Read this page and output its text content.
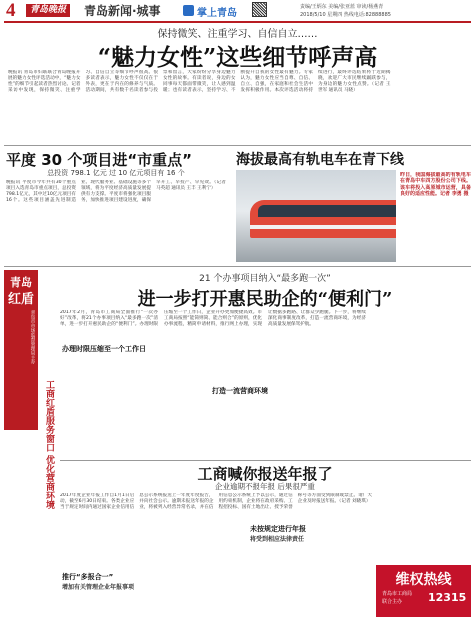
4	青岛晚报	青岛新闻·城事	掌上青岛
责编/王炳东 美编/张亚蓝 审读/杨燕青
2018/5/10 星期四 热线电话:82888885
保持微笑、注重学习、自信自立……
“魅力女性”这些细节呼声高
晚报讯 青岛市妇联联合青岛晚报开展的魅力女性评选活动中，“魅力女性”的细节引起读者热烈讨论。记者采访中发现，保持微笑、注重学习、自信自立等细节呼声很高。很多读者表示，魅力女性不仅仅在于外表，更在于内在的修养与气质。活动期间，共有数千名读者参与投票和留言，大家纷纷分享身边魅力女性的故事。有读者说，身边的女同事每天都面带微笑，让人感到温暖；也有读者表示，坚持学习、不断提升自我的女性最有魅力。专家认为，魅力女性应当自尊、自信、自立、自强，在家庭和社会生活中发挥积极作用。本次评选活动将持续进行，最终评选结果将于近期揭晓，欢迎广大市民继续踊跃参与，为身边的魅力女性点赞。（记者 王世军 通讯员 马晓）
平度 30 个项目进“市重点”
总投资 798.1 亿元 过 10 亿元项目有 16 个
晚报讯 平度市今年共有30个重点项目入选青岛市重点项目，总投资798.1亿元，其中过10亿元项目有16个。这些项目涵盖先进制造业、现代服务业、基础设施等多个领域，将为平度经济高质量发展提供有力支撑。平度市将强化项目服务，加快推进项目建设进度，确保早开工、早投产、早见效。（记者 马英超 通讯员 王丰 王利宁）
海拔最高有轨电车在青下线
昨日，我国海拔最高的有轨电车在青岛中车四方股份公司下线。该车将投入高原城市运营，具备良好的适应性能。记者 李勇 摄
青岛
红盾
青岛市市场监督管理局主办
工商红盾服务窗口 优化营商环境
21 个办事项目纳入“最多跑一次”
进一步打开惠民助企的“便利门”
办理时限压缩至一个工作日
打造一流营商环境
2017年2月，青岛市工商局全面推行“一次办好”改革，将21个办事项目纳入“最多跑一次”清单，进一步打开惠民助企的“便利门”。办理时限压缩至一个工作日，企业开办更加便捷高效。市工商局按照“能简则简、能合则合”的原则，优化办事流程，精简申请材料，推行网上办理，实现让数据多跑路、让群众少跑腿。下一步，将继续深化商事制度改革，打造一流营商环境，为经济高质量发展保驾护航。
工商喊你报送年报了
企业逾期不报年报 后果很严重
推行“多报合一”
增加有关管理企业年报事项
未按规定进行年报
将受到相应法律责任
2017年度企业年报工作自1月1日启动，截至6月30日结束。各类企业应当于规定时间内通过国家企业信用信息公示系统报送上一年度年度报告，并向社会公示。逾期未报送年报的企业，将被列入经营异常名录，并在信用信息公示系统上予以公示，通过信用约束机制，企业将在政府采购、工程招投标、国有土地出让、授予荣誉称号等方面受到限制或禁止。请广大企业及时报送年报。（记者 刘晓琪）
维权热线
青岛市工商局
联合主办 12315
